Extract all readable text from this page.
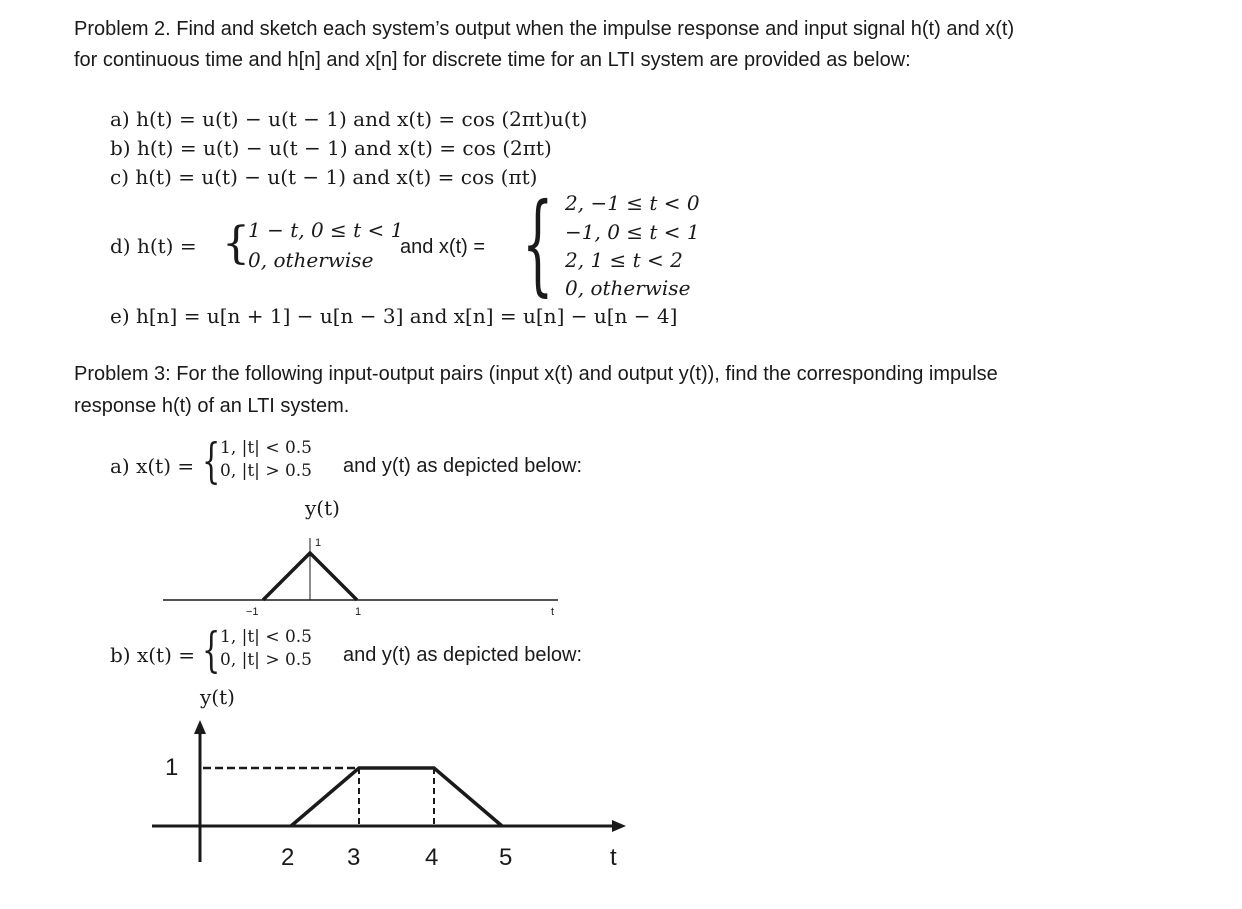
Problem 2. Find and sketch each system’s output when the impulse response and input signal h(t) and x(t)
for continuous time and h[n] and x[n] for discrete time for an LTI system are provided as below:
a) h(t) = u(t) − u(t − 1) and x(t) = cos (2πt)u(t)
b) h(t) = u(t) − u(t − 1) and x(t) = cos (2πt)
c) h(t) = u(t) − u(t − 1) and x(t) = cos (πt)
d) h(t) = {
1 − t, 0 ≤ t < 1
0, otherwise
and x(t) = { 2, −1 ≤ t < 0
−1, 0 ≤ t < 1
2, 1 ≤ t < 2
0, otherwise
e) h[n] = u[n + 1] − u[n − 3] and x[n] = u[n] − u[n − 4]
Problem 3: For the following input-output pairs (input x(t) and output y(t)), find the corresponding impulse
response h(t) of an LTI system.
a) x(t) = { 1, |t| < 0.5
0, |t| > 0.5 and y(t) as depicted below:
y(t)
1
−1	1	t
b) x(t) = { 1, |t| < 0.5
0, |t| > 0.5 and y(t) as depicted below:
y(t)
1
2 3	4	5	t
